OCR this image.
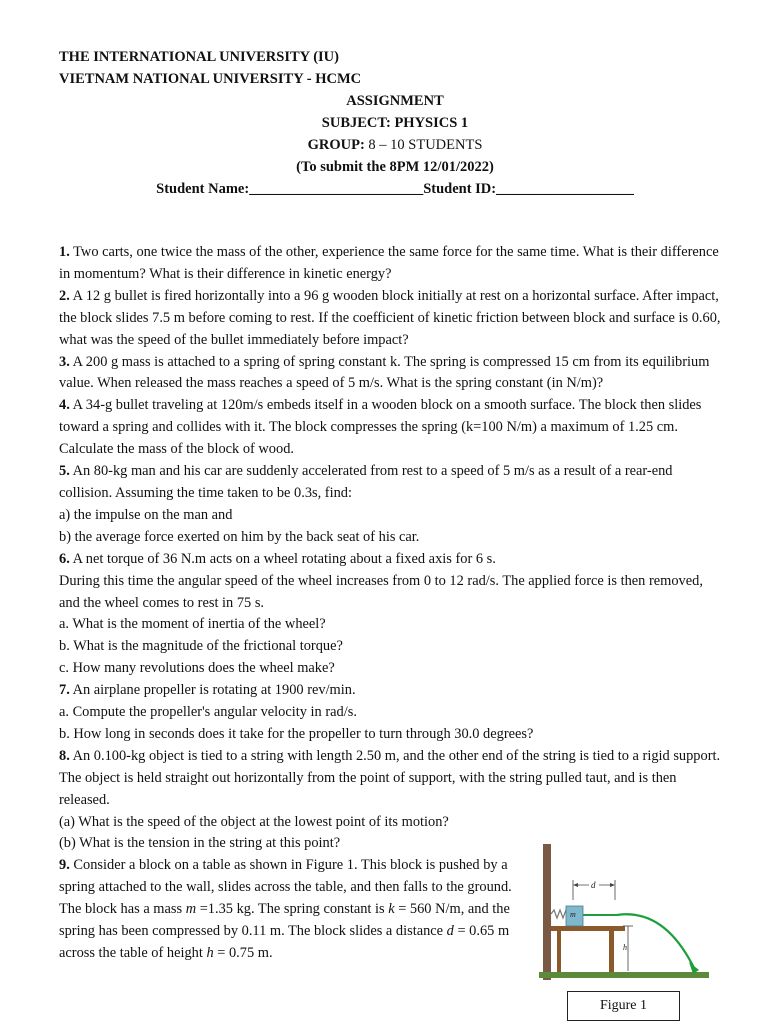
THE INTERNATIONAL UNIVERSITY (IU)
VIETNAM NATIONAL UNIVERSITY - HCMC
ASSIGNMENT
SUBJECT: PHYSICS 1
GROUP: 8 – 10 STUDENTS
(To submit the 8PM 12/01/2022)
Student Name:________________________Student ID:___________________

1. Two carts, one twice the mass of the other, experience the same force for the same time. What is their difference in momentum? What is their difference in kinetic energy?

2. A 12 g bullet is fired horizontally into a 96 g wooden block initially at rest on a horizontal surface. After impact, the block slides 7.5 m before coming to rest. If the coefficient of kinetic friction between block and surface is 0.60, what was the speed of the bullet immediately before impact?

3. A 200 g mass is attached to a spring of spring constant k. The spring is compressed 15 cm from its equilibrium value. When released the mass reaches a speed of 5 m/s. What is the spring constant (in N/m)?

4. A 34-g bullet traveling at 120m/s embeds itself in a wooden block on a smooth surface. The block then slides toward a spring and collides with it. The block compresses the spring (k=100 N/m) a maximum of 1.25 cm. Calculate the mass of the block of wood.

5. An 80-kg man and his car are suddenly accelerated from rest to a speed of 5 m/s as a result of a rear-end collision. Assuming the time taken to be 0.3s, find:

a) the impulse on the man and

b) the average force exerted on him by the back seat of his car.

6. A net torque of 36 N.m acts on a wheel rotating about a fixed axis for 6 s.

During this time the angular speed of the wheel increases from 0 to 12 rad/s. The applied force is then removed, and the wheel comes to rest in 75 s.

a. What is the moment of inertia of the wheel?

b. What is the magnitude of the frictional torque?

c. How many revolutions does the wheel make?

7. An airplane propeller is rotating at 1900 rev/min.

a. Compute the propeller's angular velocity in rad/s.

b. How long in seconds does it take for the propeller to turn through 30.0 degrees?

8. An 0.100-kg object is tied to a string with length 2.50 m, and the other end of the string is tied to a rigid support. The object is held straight out horizontally from the point of support, with the string pulled taut, and is then released.

(a) What is the speed of the object at the lowest point of its motion?

(b) What is the tension in the string at this point?

9. Consider a block on a table as shown in Figure 1. This block is pushed by a spring attached to the wall, slides across the table, and then falls to the ground. The block has a mass m =1.35 kg. The spring constant is k = 560 N/m, and the spring has been compressed by 0.11 m. The block slides a distance d = 0.65 m across the table of height h = 0.75 m.

m
d
h
Figure 1
